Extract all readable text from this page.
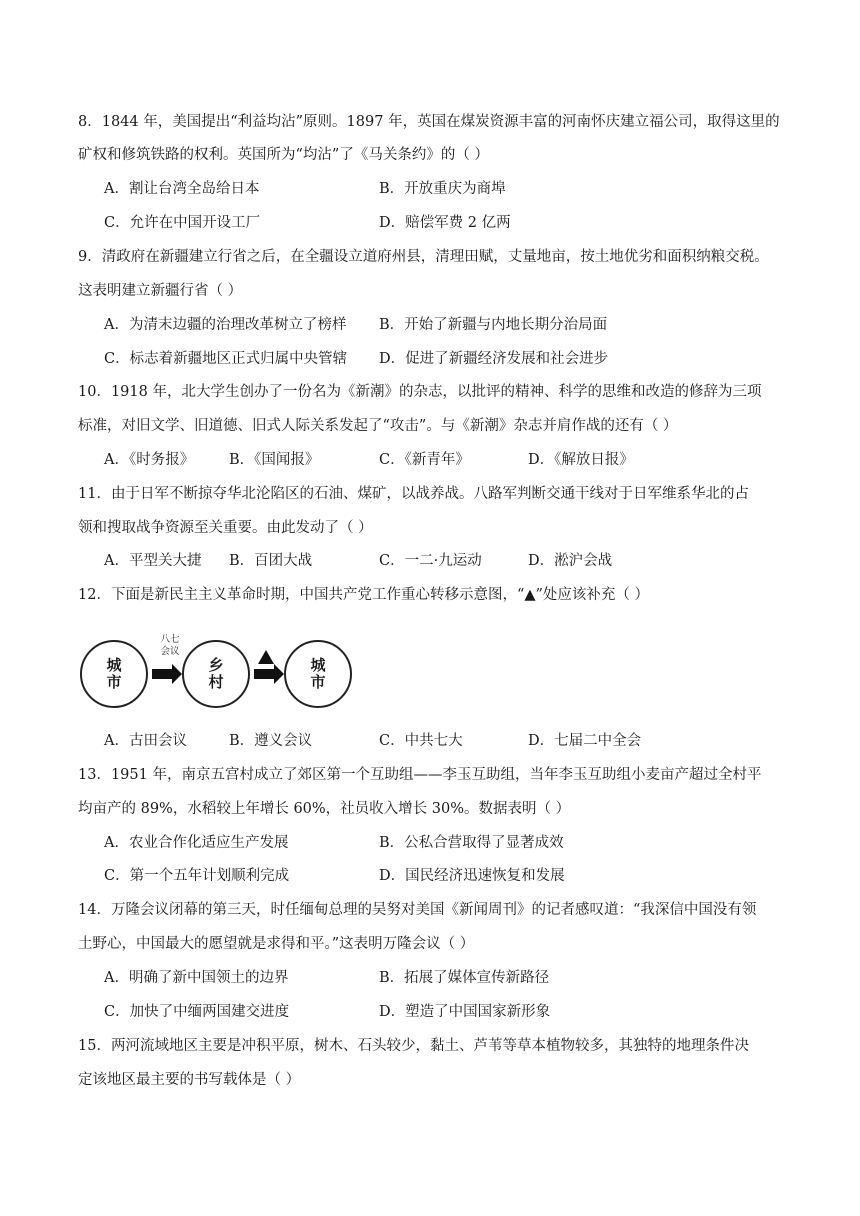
8．1844 年，美国提出“利益均沾”原则。1897 年，英国在煤炭资源丰富的河南怀庆建立福公司，取得这里的
矿权和修筑铁路的权利。英国所为“均沾”了《马关条约》的（ ）
A．割让台湾全岛给日本	B．开放重庆为商埠
C．允许在中国开设工厂	D．赔偿军费 2 亿两
9．清政府在新疆建立行省之后，在全疆设立道府州县，清理田赋，丈量地亩，按土地优劣和面积纳粮交税。
这表明建立新疆行省（ ）
A．为清末边疆的治理改革树立了榜样 B．开始了新疆与内地长期分治局面
C．标志着新疆地区正式归属中央管辖 D．促进了新疆经济发展和社会进步
10．1918 年，北大学生创办了一份名为《新潮》的杂志，以批评的精神、科学的思维和改造的修辞为三项
标准，对旧文学、旧道德、旧式人际关系发起了“攻击”。与《新潮》杂志并肩作战的还有（ ）
A．《时务报》 B．《国闻报》	C．《新青年》	D．《解放日报》
11．由于日军不断掠夺华北沦陷区的石油、煤矿，以战养战。八路军判断交通干线对于日军维系华北的占
领和搜取战争资源至关重要。由此发动了（ ）
A．平型关大捷 B．百团大战	C．一二·九运动	D．淞沪会战
12．下面是新民主主义革命时期，中国共产党工作重心转移示意图，“▲”处应该补充（ ）
城市
八七
会议
乡村	城市
A．古田会议	B．遵义会议	C．中共七大	D．七届二中全会
13．1951 年，南京五宫村成立了郊区第一个互助组——李玉互助组，当年李玉互助组小麦亩产超过全村平
均亩产的 89%，水稻较上年增长 60%，社员收入增长 30%。数据表明（ ）
A．农业合作化适应生产发展	B．公私合营取得了显著成效
C．第一个五年计划顺利完成	D．国民经济迅速恢复和发展
14．万隆会议闭幕的第三天，时任缅甸总理的吴努对美国《新闻周刊》的记者感叹道：“我深信中国没有领
土野心，中国最大的愿望就是求得和平。”这表明万隆会议（ ）
A．明确了新中国领土的边界	B．拓展了媒体宣传新路径
C．加快了中缅两国建交进度	D．塑造了中国国家新形象
15．两河流域地区主要是冲积平原，树木、石头较少，黏土、芦苇等草本植物较多，其独特的地理条件决
定该地区最主要的书写载体是（ ）
